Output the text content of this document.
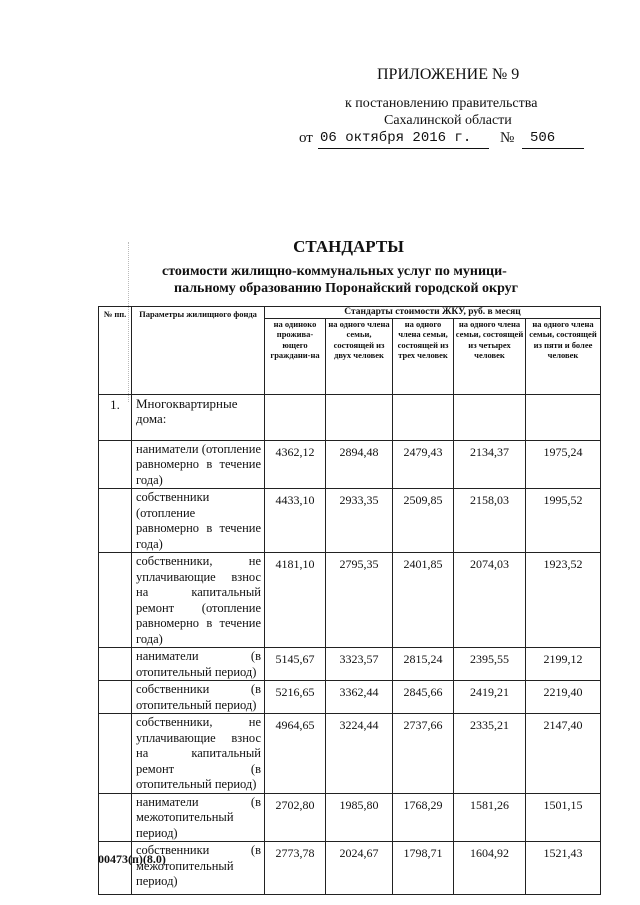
ПРИЛОЖЕНИЕ № 9
к постановлению правительства
Сахалинской области
от 06 октября 2016 г. № 506
СТАНДАРТЫ
стоимости жилищно-коммунальных услуг по муници-
пальному образованию Поронайский городской округ
№ пп.	Параметры жилищного фонда	Стандарты стоимости ЖКУ, руб. в месяц				
		на одиноко прожива-ющего граждани-на	на одного члена семьи, состоящей из двух человек	на одного члена семьи, состоящей из трех человек	на одного члена семьи, состоящей из четырех человек	на одного члена семьи, состоящей из пяти и более человек
1.	Многоквартирные дома:					
	наниматели (отопление равномерно в течение года)	4362,12	2894,48	2479,43	2134,37	1975,24
	собственники (отопление равномерно в течение года)	4433,10	2933,35	2509,85	2158,03	1995,52
	собственники, не уплачивающие взнос на капитальный ремонт (отопление равномерно в течение года)	4181,10	2795,35	2401,85	2074,03	1923,52
	наниматели (в отопительный период)	5145,67	3323,57	2815,24	2395,55	2199,12
	собственники (в отопительный период)	5216,65	3362,44	2845,66	2419,21	2219,40
	собственники, не уплачивающие взнос на капитальный ремонт (в отопительный период)	4964,65	3224,44	2737,66	2335,21	2147,40
	наниматели (в межотопительный период)	2702,80	1985,80	1768,29	1581,26	1501,15
	собственники (в межотопительный период)	2773,78	2024,67	1798,71	1604,92	1521,43
00473(п)(8.0)
